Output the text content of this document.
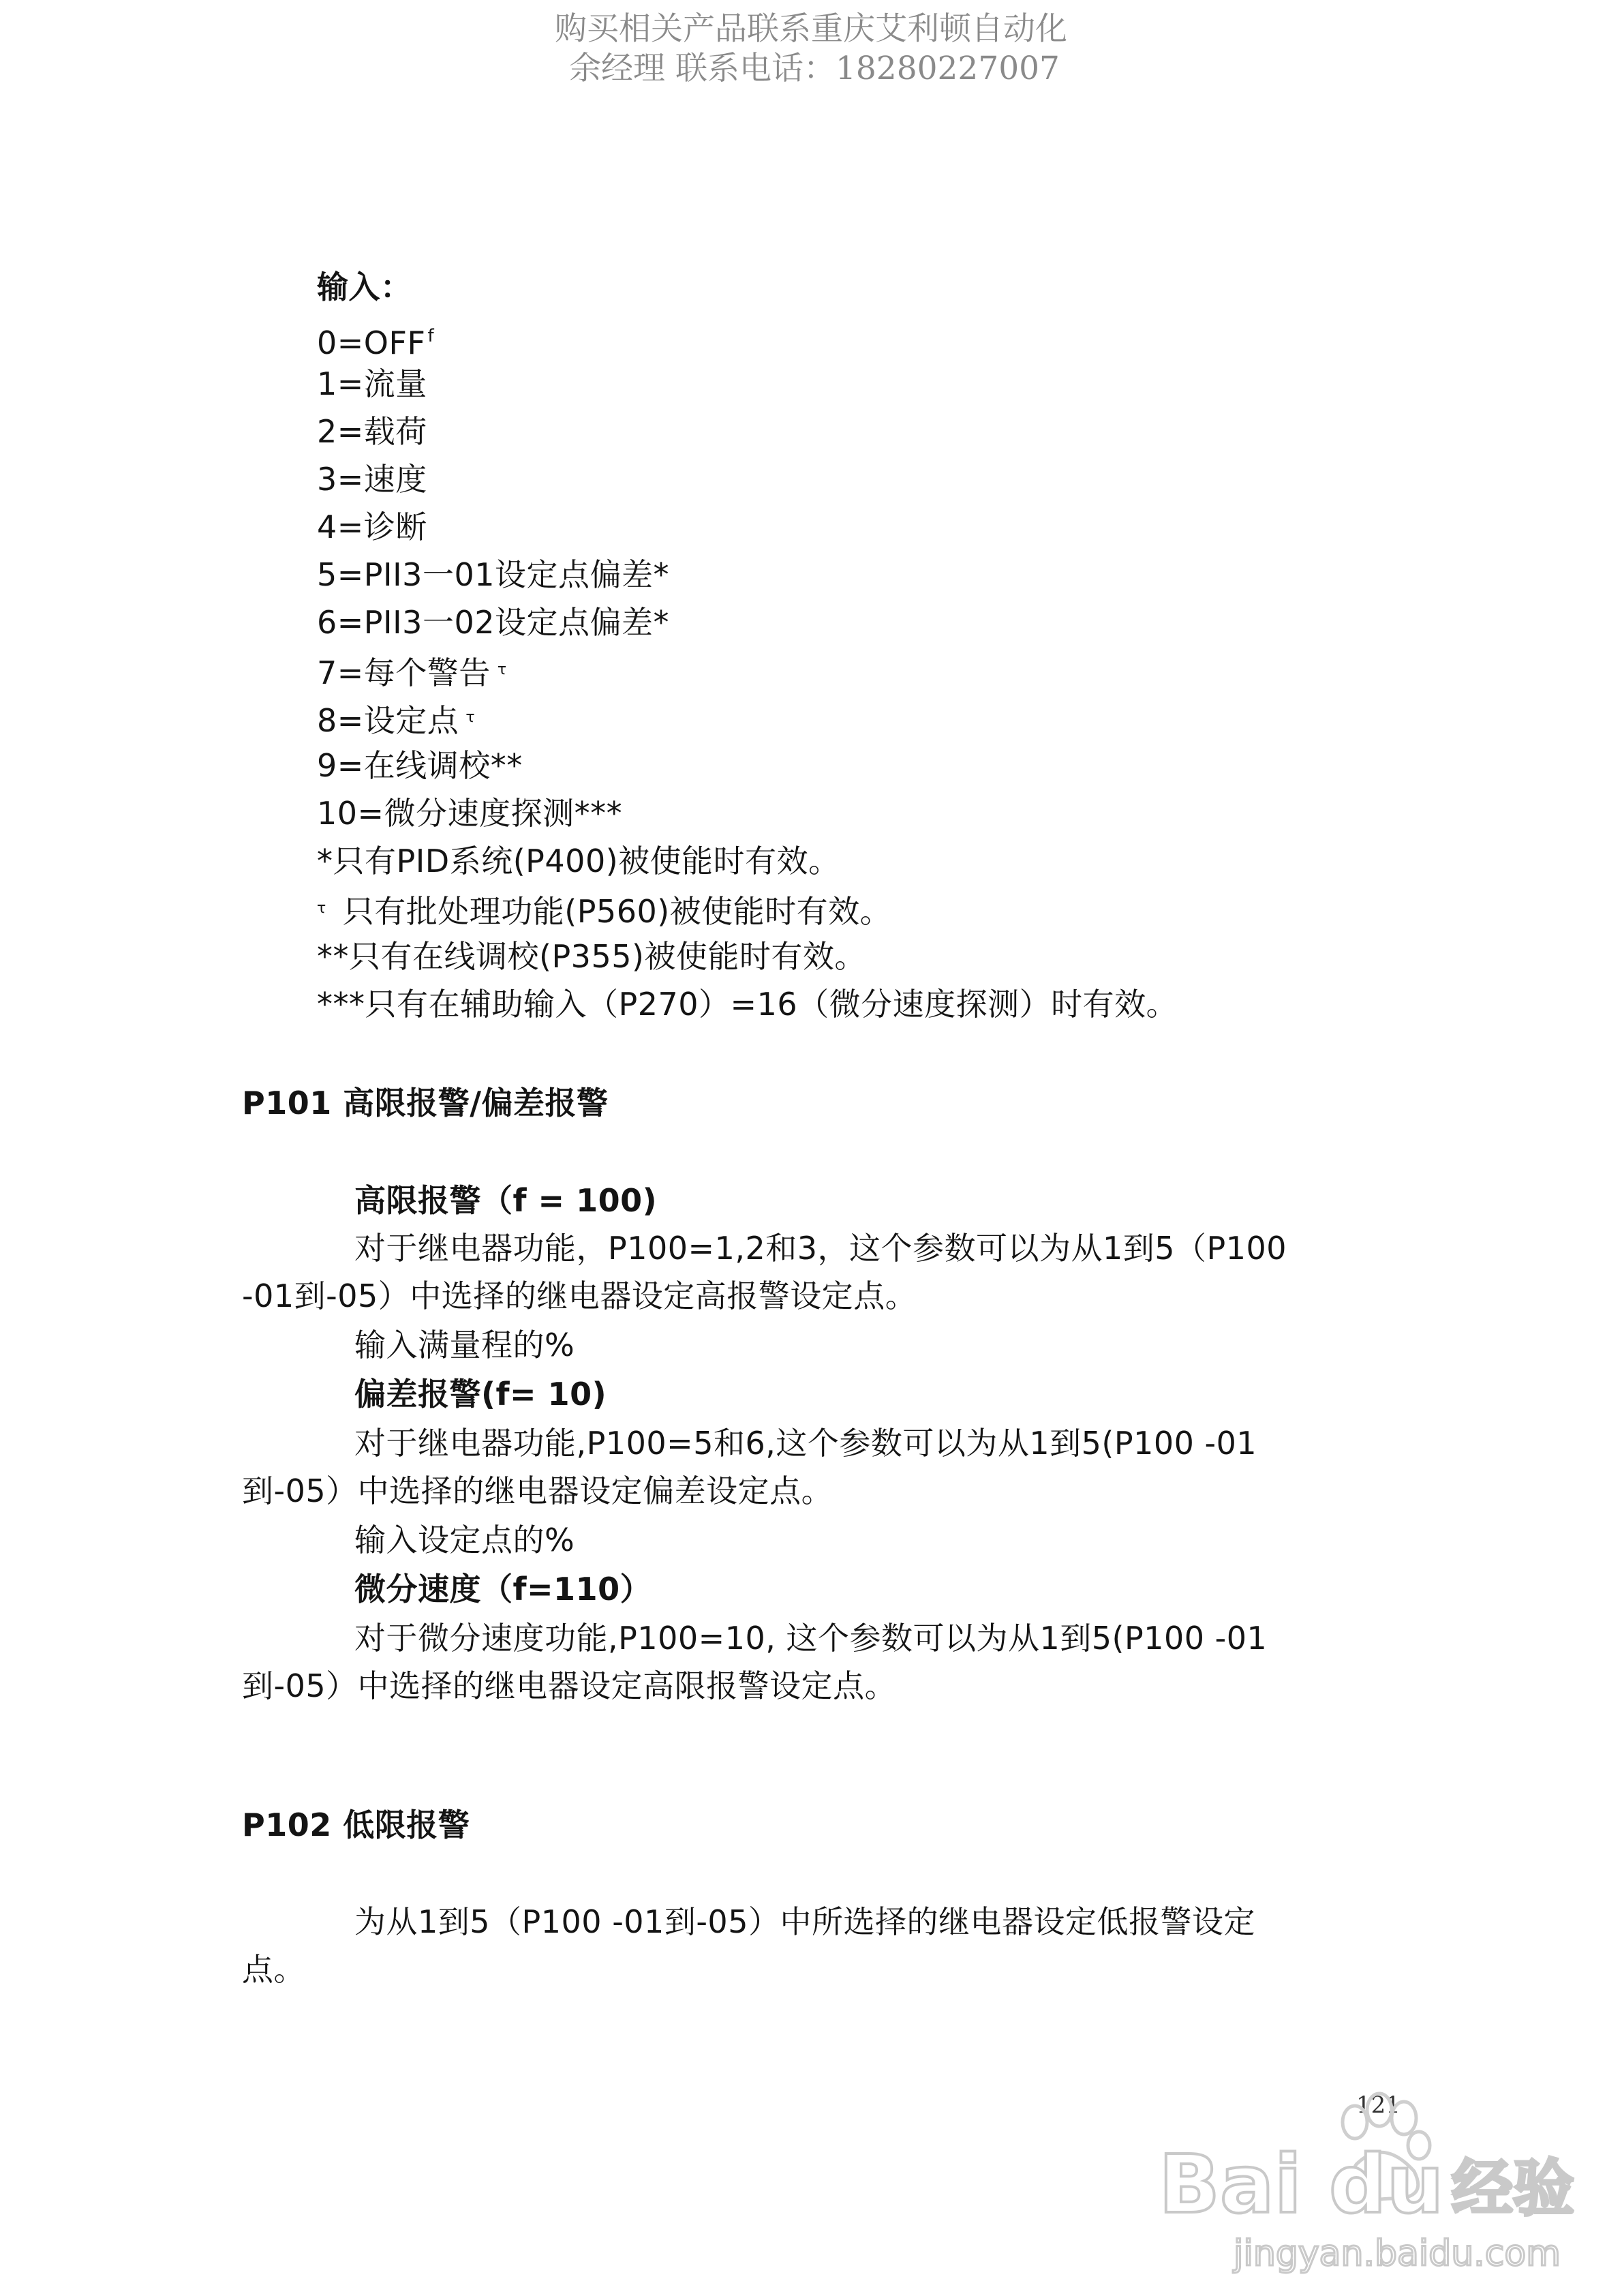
购买相关产品联系重庆艾利顿自动化
余经理 联系电话：18280227007
输入：
0=OFF $^f$
1=流量
2=载荷
3=速度
4=诊断
5=PII3一01设定点偏差*
6=PII3一02设定点偏差*
7=每个警告 $^\tau$
8=设定点 $^\tau$
9=在线调校**
10=微分速度探测***
*只有PID系统(P400)被使能时有效。
$^\tau$ 只有批处理功能(P560)被使能时有效。
**只有在线调校(P355)被使能时有效。
***只有在辅助输入（P270）=16（微分速度探测）时有效。
P101 高限报警/偏差报警
高限报警（f = 100)
对于继电器功能，P100=1,2和3，这个参数可以为从1到5（P100
-01到-05）中选择的继电器设定高报警设定点。
输入满量程的%
偏差报警(f= 10)
对于继电器功能,P100=5和6,这个参数可以为从1到5(P100 -01
到-05）中选择的继电器设定偏差设定点。
输入设定点的%
微分速度（f=110）
对于微分速度功能,P100=10, 这个参数可以为从1到5(P100 -01
到-05）中选择的继电器设定高限报警设定点。
P102 低限报警
为从1到5（P100 -01到-05）中所选择的继电器设定低报警设定
点。
121
Bai du 经验
jingyan.baidu.com
